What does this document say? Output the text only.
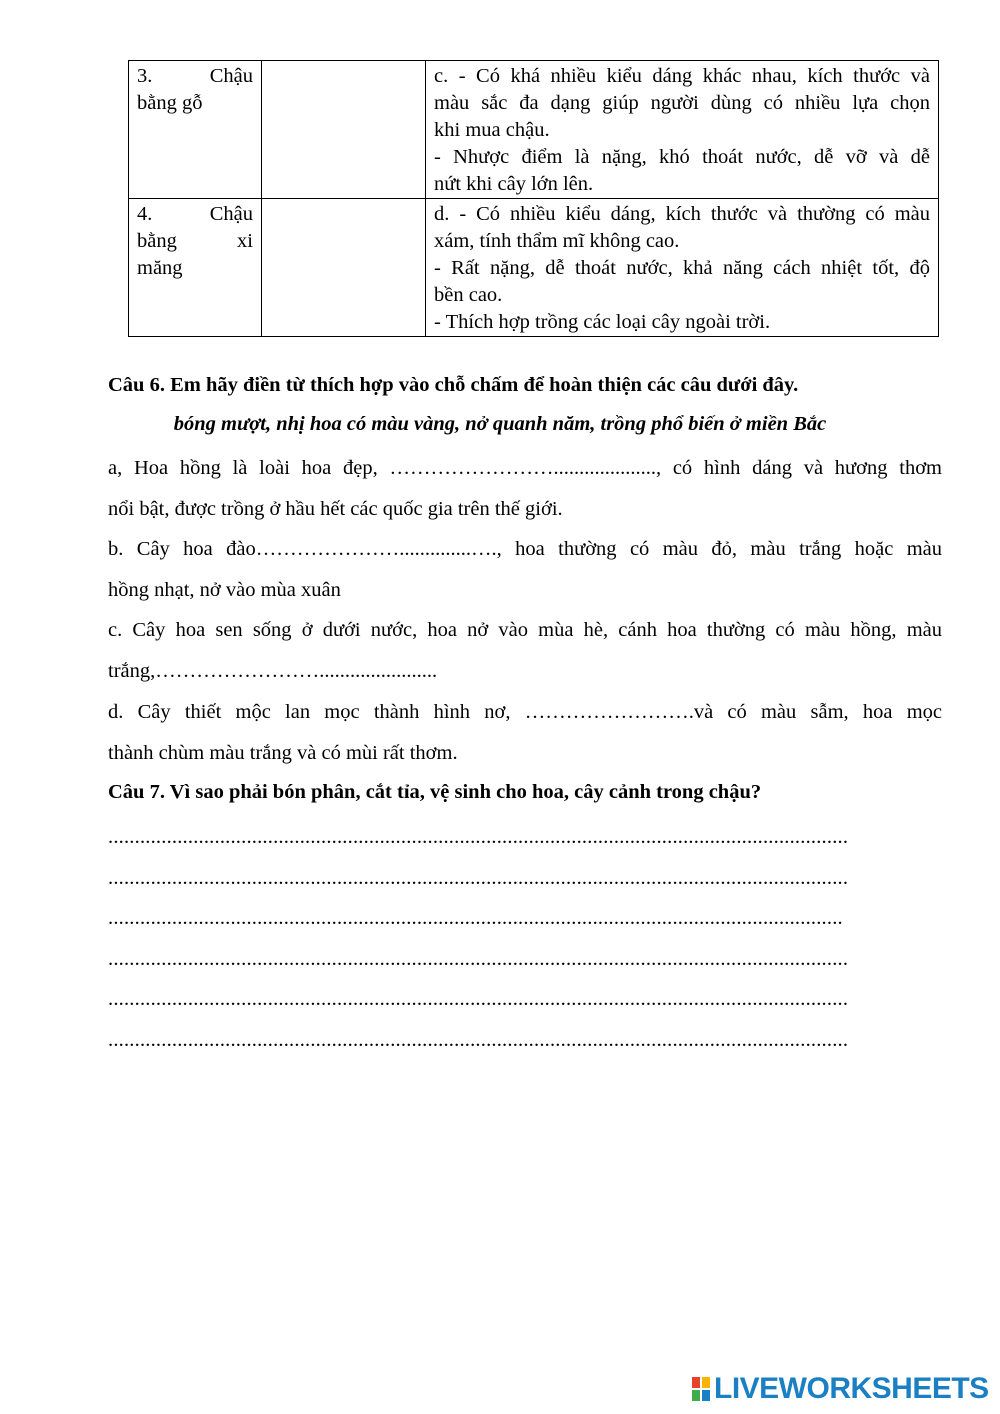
3.        Chậu
bằng gỗ		c. - Có khá nhiều kiểu dáng khác nhau, kích thước và
màu sắc đa dạng giúp người dùng có nhiều lựa chọn
khi mua chậu.
- Nhược điểm là nặng, khó thoát nước, dễ vỡ và dễ
nứt khi cây lớn lên.

4.        Chậu
bằng         xi
măng		d. - Có nhiều kiểu dáng, kích thước và thường có màu
xám, tính thẩm mĩ không cao.
- Rất nặng, dễ thoát nước, khả năng cách nhiệt tốt, độ
bền cao.
- Thích hợp trồng các loại cây ngoài trời.
Câu 6. Em hãy điền từ thích hợp vào chỗ chấm để hoàn thiện các câu dưới đây.
bóng mượt, nhị hoa có màu vàng, nở quanh năm, trồng phổ biến ở miền Bắc
a, Hoa hồng là loài hoa đẹp, ……………………...................., có hình dáng và hương thơm
nổi bật, được trồng ở hầu hết các quốc gia trên thế giới.
b. Cây hoa đào…………………..............…., hoa thường có màu đỏ, màu trắng hoặc màu
hồng nhạt, nở vào mùa xuân
c. Cây hoa sen sống ở dưới nước, hoa nở vào mùa hè, cánh hoa thường có màu hồng, màu
trắng,…………………….......................
d. Cây thiết mộc lan mọc thành hình nơ, …………………….và có màu sẫm, hoa mọc
thành chùm màu trắng và có mùi rất thơm.
Câu 7. Vì sao phải bón phân, cắt tỉa, vệ sinh cho hoa, cây cảnh trong chậu?
...........................................................................................................................................
...........................................................................................................................................
..........................................................................................................................................
...........................................................................................................................................
...........................................................................................................................................
...........................................................................................................................................
LIVEWORKSHEETS
